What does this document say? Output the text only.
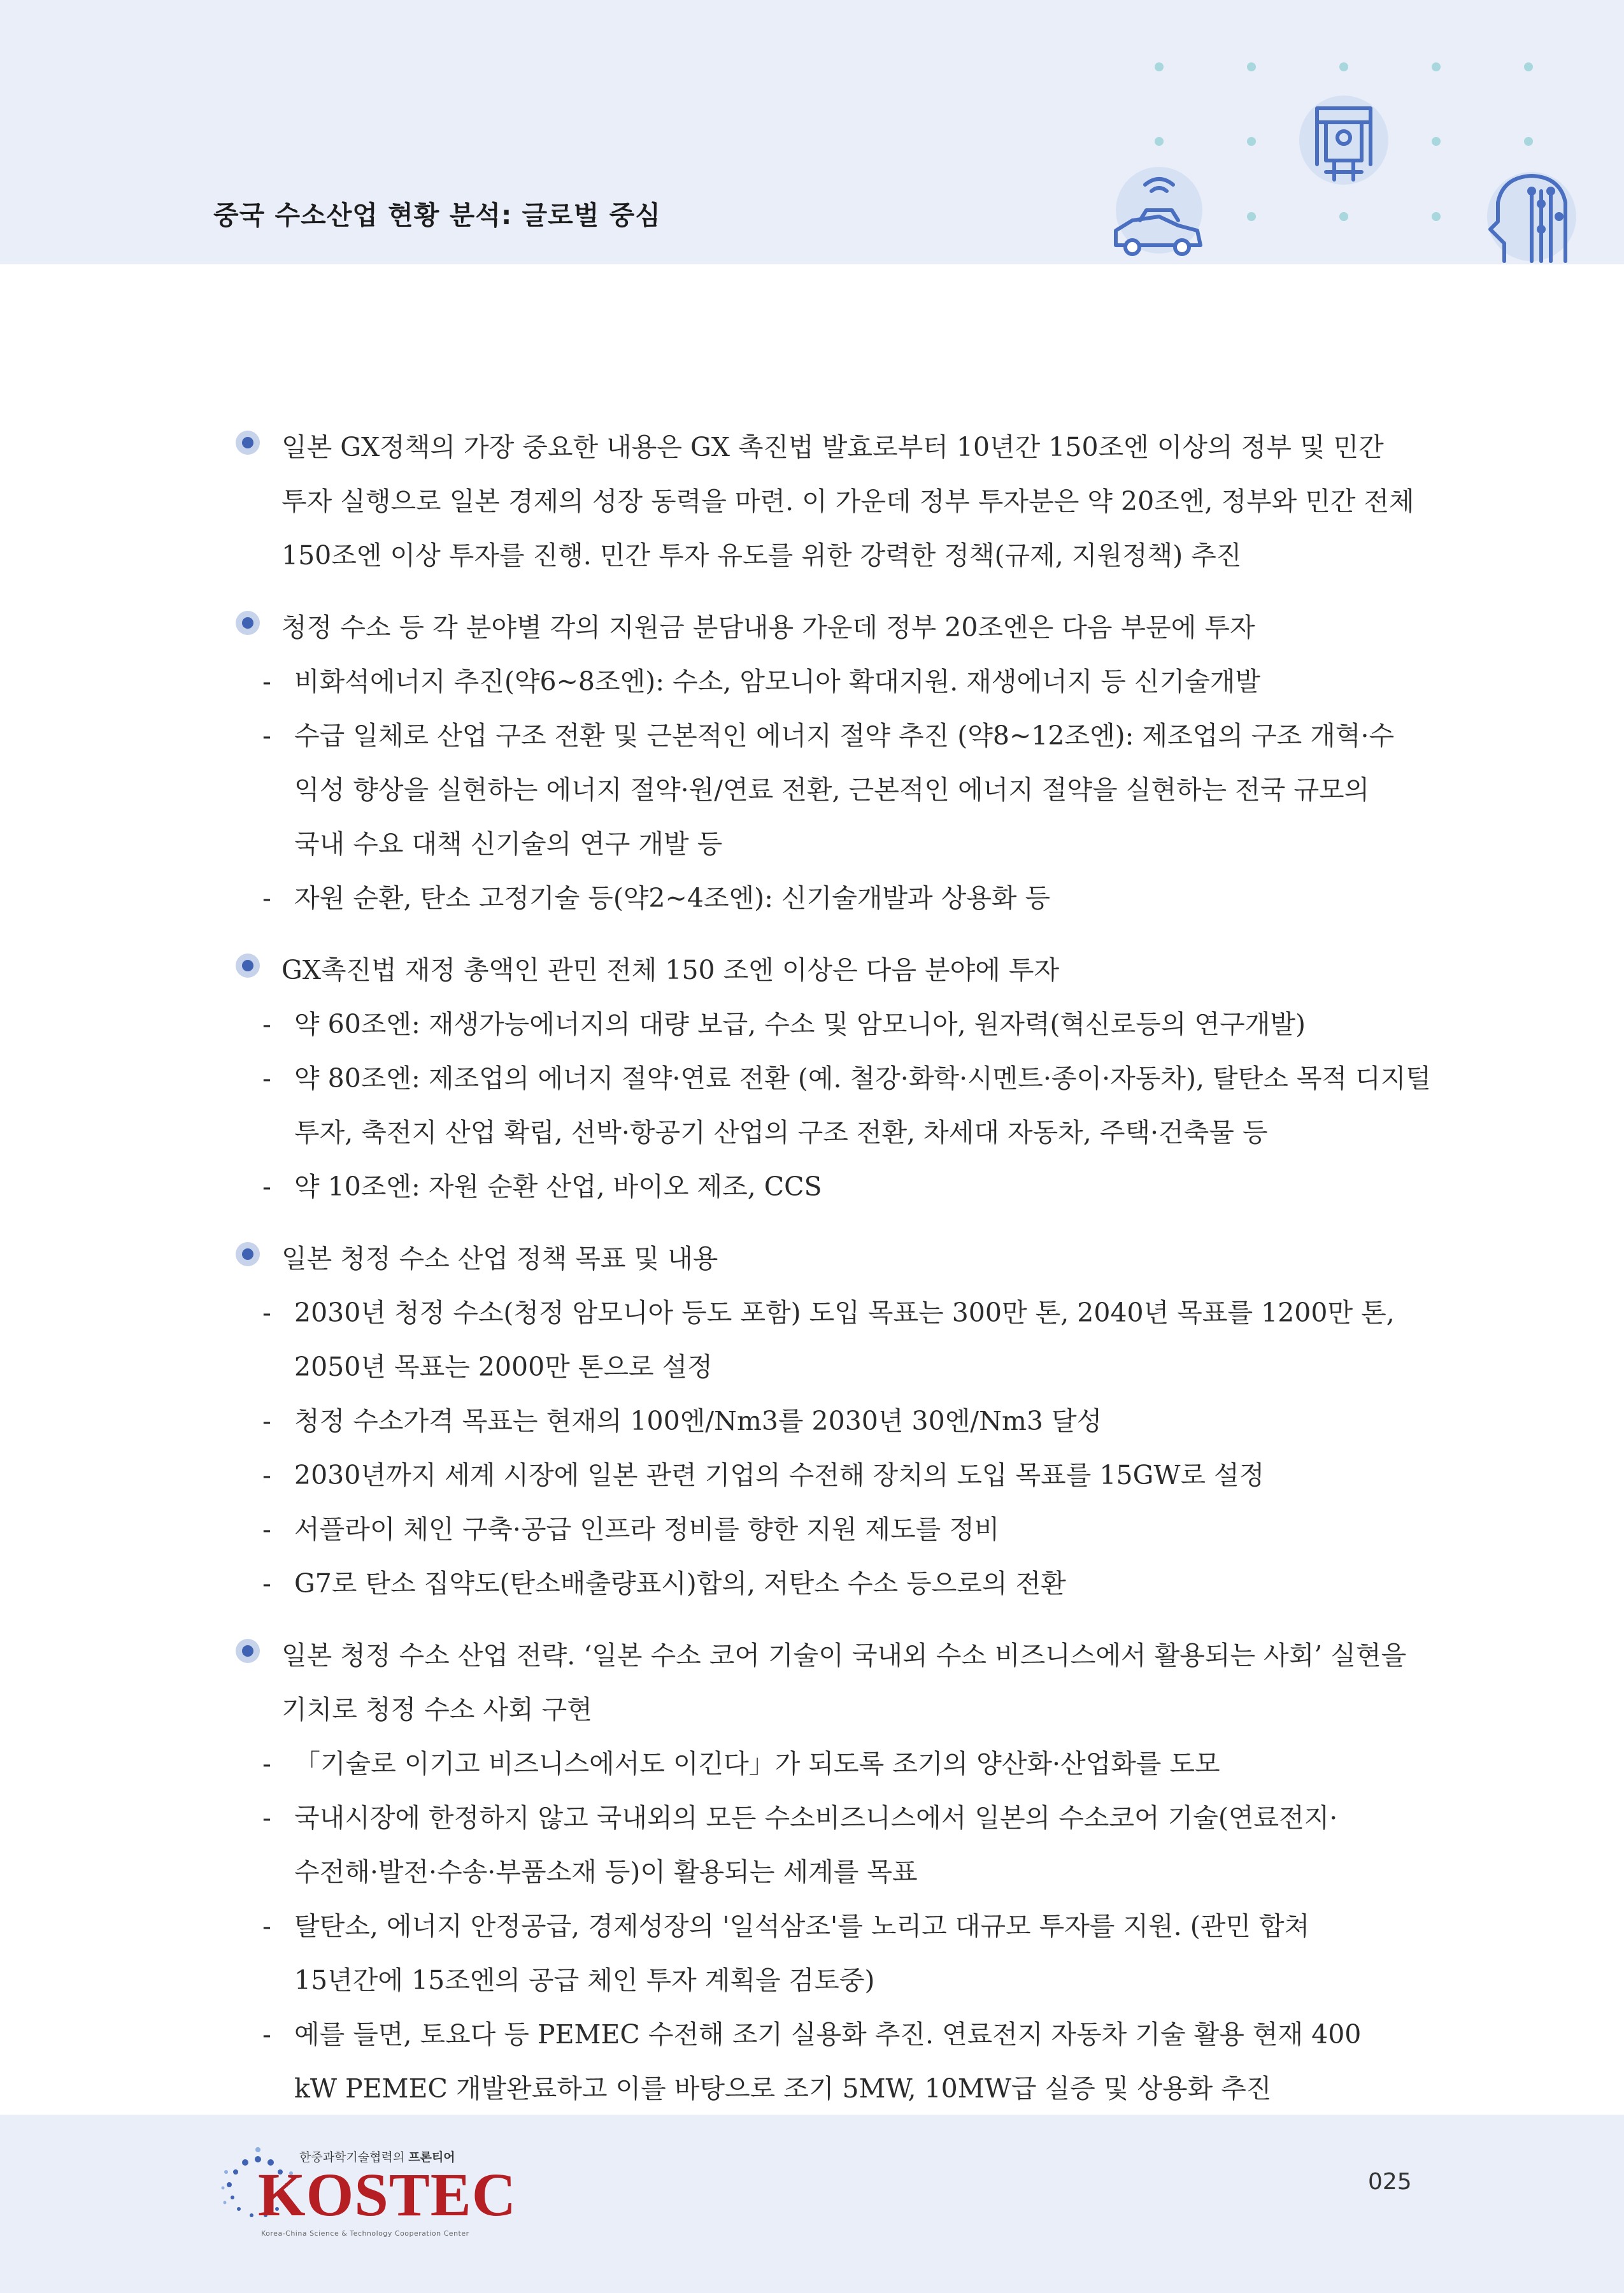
중국 수소산업 현황 분석: 글로벌 중심
일본 GX정책의 가장 중요한 내용은 GX 촉진법 발효로부터 10년간 150조엔 이상의 정부 및 민간
투자 실행으로 일본 경제의 성장 동력을 마련. 이 가운데 정부 투자분은 약 20조엔, 정부와 민간 전체
150조엔 이상 투자를 진행. 민간 투자 유도를 위한 강력한 정책(규제, 지원정책) 추진
청정 수소 등 각 분야별 각의 지원금 분담내용 가운데 정부 20조엔은 다음 부문에 투자
- 비화석에너지 추진(약6~8조엔): 수소, 암모니아 확대지원. 재생에너지 등 신기술개발
- 수급 일체로 산업 구조 전환 및 근본적인 에너지 절약 추진 (약8~12조엔): 제조업의 구조 개혁·수
익성 향상을 실현하는 에너지 절약·원/연료 전환, 근본적인 에너지 절약을 실현하는 전국 규모의
국내 수요 대책 신기술의 연구 개발 등
- 자원 순환, 탄소 고정기술 등(약2~4조엔): 신기술개발과 상용화 등
GX촉진법 재정 총액인 관민 전체 150 조엔 이상은 다음 분야에 투자
- 약 60조엔: 재생가능에너지의 대량 보급, 수소 및 암모니아, 원자력(혁신로등의 연구개발)
- 약 80조엔: 제조업의 에너지 절약·연료 전환 (예. 철강·화학·시멘트·종이·자동차), 탈탄소 목적 디지털
투자, 축전지 산업 확립, 선박·항공기 산업의 구조 전환, 차세대 자동차, 주택·건축물 등
- 약 10조엔: 자원 순환 산업, 바이오 제조, CCS
일본 청정 수소 산업 정책 목표 및 내용
- 2030년 청정 수소(청정 암모니아 등도 포함) 도입 목표는 300만 톤, 2040년 목표를 1200만 톤,
2050년 목표는 2000만 톤으로 설정
- 청정 수소가격 목표는 현재의 100엔/Nm3를 2030년 30엔/Nm3 달성
- 2030년까지 세계 시장에 일본 관련 기업의 수전해 장치의 도입 목표를 15GW로 설정
- 서플라이 체인 구축·공급 인프라 정비를 향한 지원 제도를 정비
- G7로 탄소 집약도(탄소배출량표시)합의, 저탄소 수소 등으로의 전환
일본 청정 수소 산업 전략. ‘일본 수소 코어 기술이 국내외 수소 비즈니스에서 활용되는 사회’ 실현을
기치로 청정 수소 사회 구현
- 「기술로 이기고 비즈니스에서도 이긴다」가 되도록 조기의 양산화·산업화를 도모
- 국내시장에 한정하지 않고 국내외의 모든 수소비즈니스에서 일본의 수소코어 기술(연료전지·
수전해·발전·수송·부품소재 등)이 활용되는 세계를 목표
- 탈탄소, 에너지 안정공급, 경제성장의 '일석삼조'를 노리고 대규모 투자를 지원. (관민 합쳐
15년간에 15조엔의 공급 체인 투자 계획을 검토중)
- 예를 들면, 토요다 등 PEMEC 수전해 조기 실용화 추진. 연료전지 자동차 기술 활용 현재 400
kW PEMEC 개발완료하고 이를 바탕으로 조기 5MW, 10MW급 실증 및 상용화 추진
한중과학기술협력의 프론티어
KOSTEC
Korea-China Science & Technology Cooperation Center
025
